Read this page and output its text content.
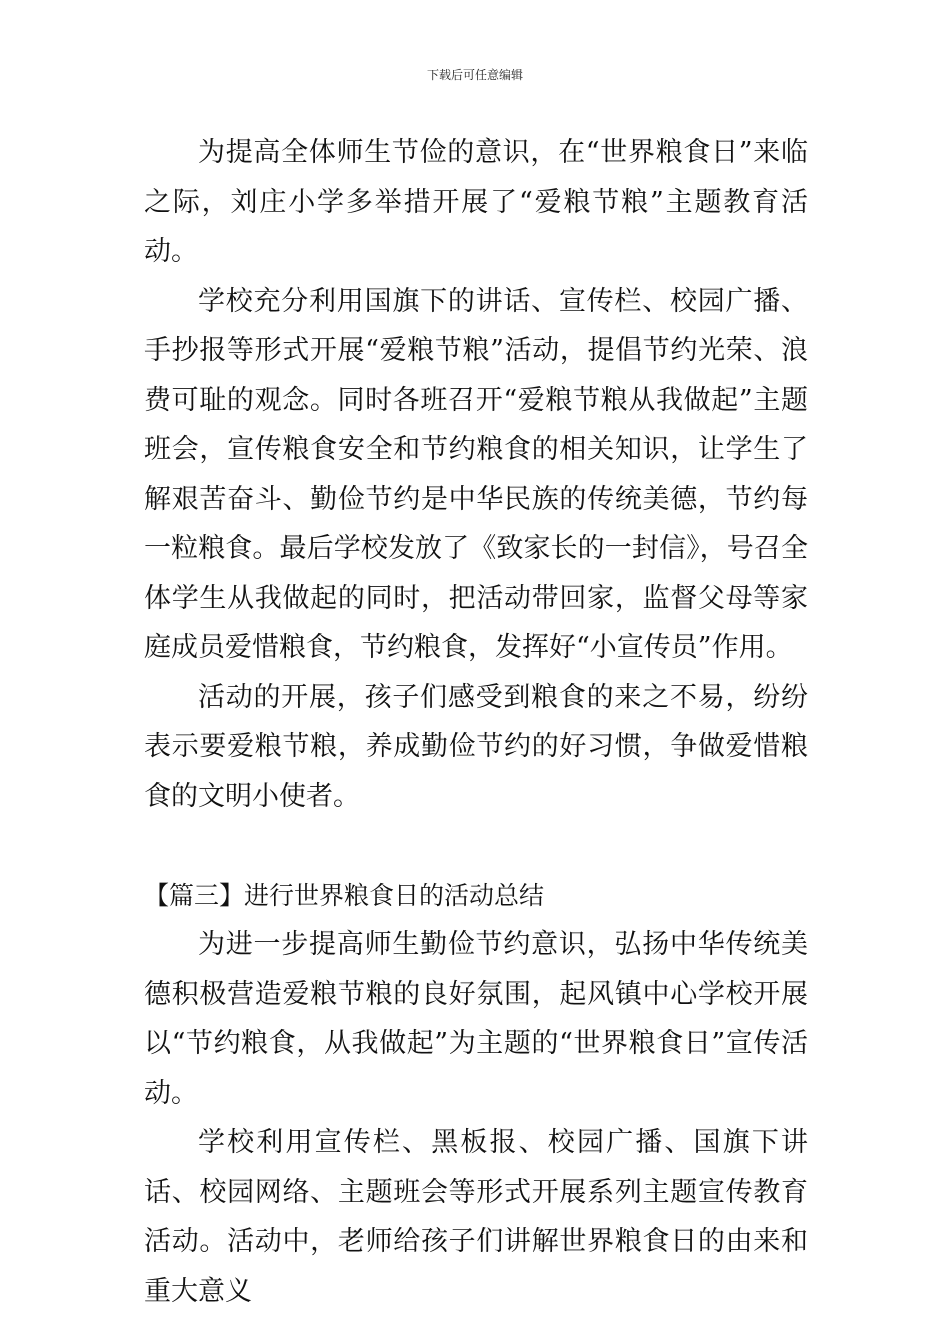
下载后可任意编辑

为提高全体师生节俭的意识，在“世界粮食日”来临之际，刘庄小学多举措开展了“爱粮节粮”主题教育活动。

学校充分利用国旗下的讲话、宣传栏、校园广播、手抄报等形式开展“爱粮节粮”活动，提倡节约光荣、浪费可耻的观念。同时各班召开“爱粮节粮从我做起”主题班会，宣传粮食安全和节约粮食的相关知识，让学生了解艰苦奋斗、勤俭节约是中华民族的传统美德，节约每一粒粮食。最后学校发放了《致家长的一封信》，号召全体学生从我做起的同时，把活动带回家，监督父母等家庭成员爱惜粮食，节约粮食，发挥好“小宣传员”作用。

活动的开展，孩子们感受到粮食的来之不易，纷纷表示要爱粮节粮，养成勤俭节约的好习惯，争做爱惜粮食的文明小使者。

【篇三】进行世界粮食日的活动总结

为进一步提高师生勤俭节约意识，弘扬中华传统美德积极营造爱粮节粮的良好氛围，起风镇中心学校开展以“节约粮食，从我做起”为主题的“世界粮食日”宣传活动。

学校利用宣传栏、黑板报、校园广播、国旗下讲话、校园网络、主题班会等形式开展系列主题宣传教育活动。活动中，老师给孩子们讲解世界粮食日的由来和重大意义
